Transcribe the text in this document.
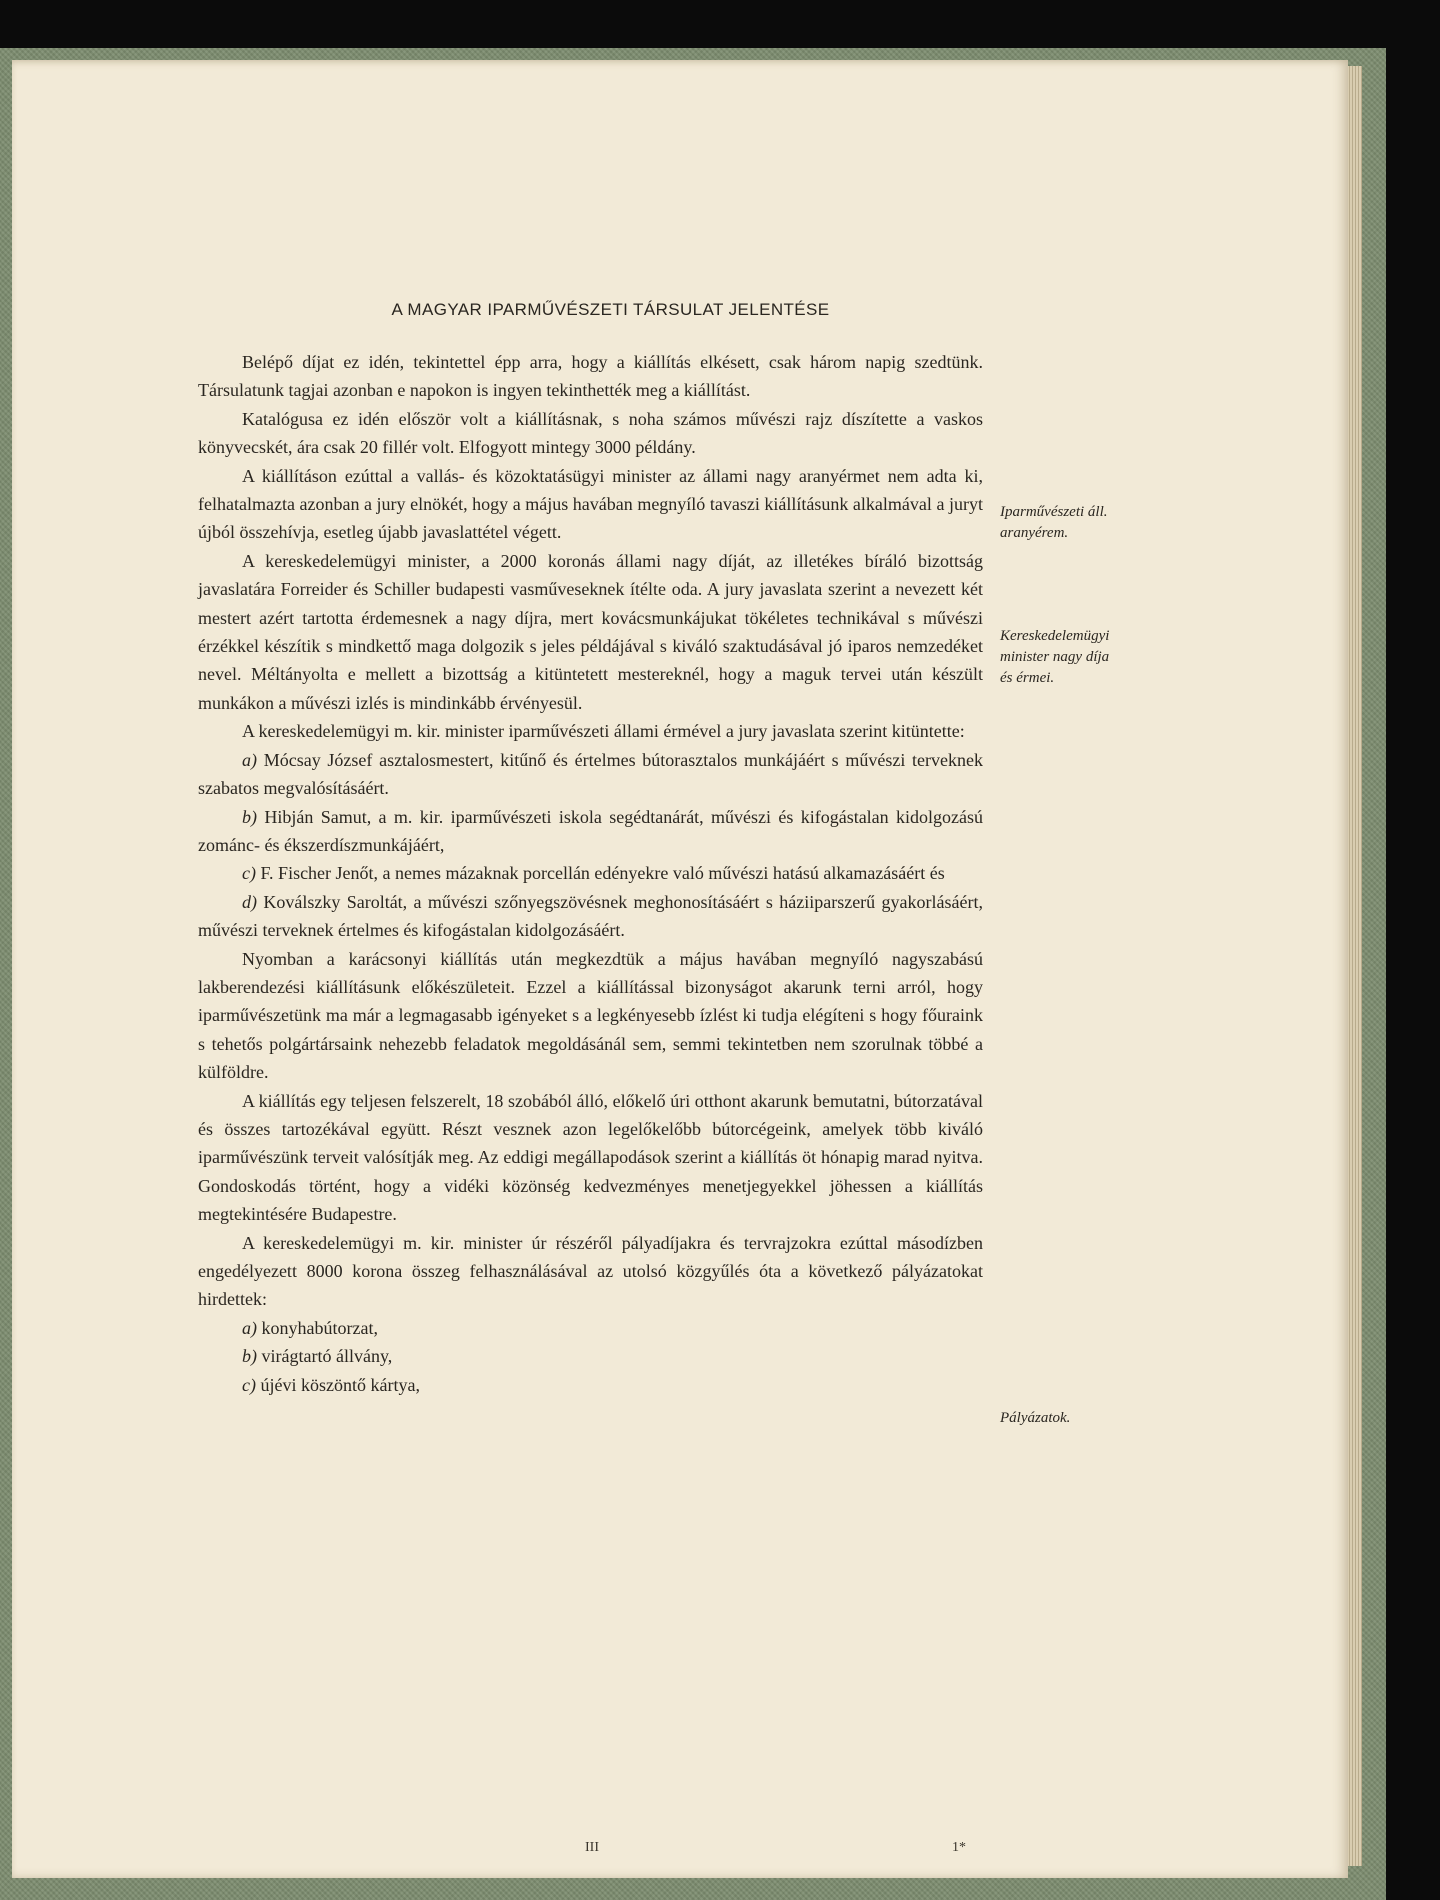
A MAGYAR IPARMŰVÉSZETI TÁRSULAT JELENTÉSE

Belépő díjat ez idén, tekintettel épp arra, hogy a kiállítás elkésett, csak három napig szedtünk. Társulatunk tagjai azonban e napokon is ingyen tekinthették meg a kiállítást.

Katalógusa ez idén először volt a kiállításnak, s noha számos művészi rajz díszítette a vaskos könyvecskét, ára csak 20 fillér volt. Elfogyott mintegy 3000 példány.

A kiállításon ezúttal a vallás- és közoktatásügyi minister az állami nagy aranyérmet nem adta ki, felhatalmazta azonban a jury elnökét, hogy a május havában megnyíló tavaszi kiállításunk alkalmával a juryt újból összehívja, esetleg újabb javaslattétel végett.

A kereskedelemügyi minister, a 2000 koronás állami nagy díját, az illetékes bíráló bizottság javaslatára Forreider és Schiller budapesti vasműveseknek ítélte oda. A jury javaslata szerint a nevezett két mestert azért tartotta érdemesnek a nagy díjra, mert kovácsmunkájukat tökéletes technikával s művészi érzékkel készítik s mindkettő maga dolgozik s jeles példájával s kiváló szaktudásával jó iparos nemzedéket nevel. Méltányolta e mellett a bizottság a kitüntetett mestereknél, hogy a maguk tervei után készült munkákon a művészi izlés is mindinkább érvényesül.

A kereskedelemügyi m. kir. minister iparművészeti állami érmével a jury javaslata szerint kitüntette:

a) Mócsay József asztalosmestert, kitűnő és értelmes bútorasztalos munkájáért s művészi terveknek szabatos megvalósításáért.

b) Hibján Samut, a m. kir. iparművészeti iskola segédtanárát, művészi és kifogástalan kidolgozású zománc- és ékszerdíszmunkájáért,

c) F. Fischer Jenőt, a nemes mázaknak porcellán edényekre való művészi hatású alkamazásáért és

d) Koválszky Saroltát, a művészi szőnyegszövésnek meghonosításáért s háziiparszerű gyakorlásáért, művészi terveknek értelmes és kifogástalan kidolgozásáért.

Nyomban a karácsonyi kiállítás után megkezdtük a május havában megnyíló nagyszabású lakberendezési kiállításunk előkészületeit. Ezzel a kiállítással bizonyságot akarunk terni arról, hogy iparművészetünk ma már a legmagasabb igényeket s a legkényesebb ízlést ki tudja elégíteni s hogy főuraink s tehetős polgártársaink nehezebb feladatok megoldásánál sem, semmi tekintetben nem szorulnak többé a külföldre.

A kiállítás egy teljesen felszerelt, 18 szobából álló, előkelő úri otthont akarunk bemutatni, bútorzatával és összes tartozékával együtt. Részt vesznek azon legelőkelőbb bútorcégeink, amelyek több kiváló iparművészünk terveit valósítják meg. Az eddigi megállapodások szerint a kiállítás öt hónapig marad nyitva. Gondoskodás történt, hogy a vidéki közönség kedvezményes menetjegyekkel jöhessen a kiállítás megtekintésére Budapestre.

A kereskedelemügyi m. kir. minister úr részéről pályadíjakra és tervrajzokra ezúttal másodízben engedélyezett 8000 korona összeg felhasználásával az utolsó közgyűlés óta a következő pályázatokat hirdettek:

a) konyhabútorzat,

b) virágtartó állvány,

c) újévi köszöntő kártya,

Iparművészeti áll. aranyérem.
Kereskedelemügyi minister nagy díja és érmei.
Pályázatok.
III	1*
